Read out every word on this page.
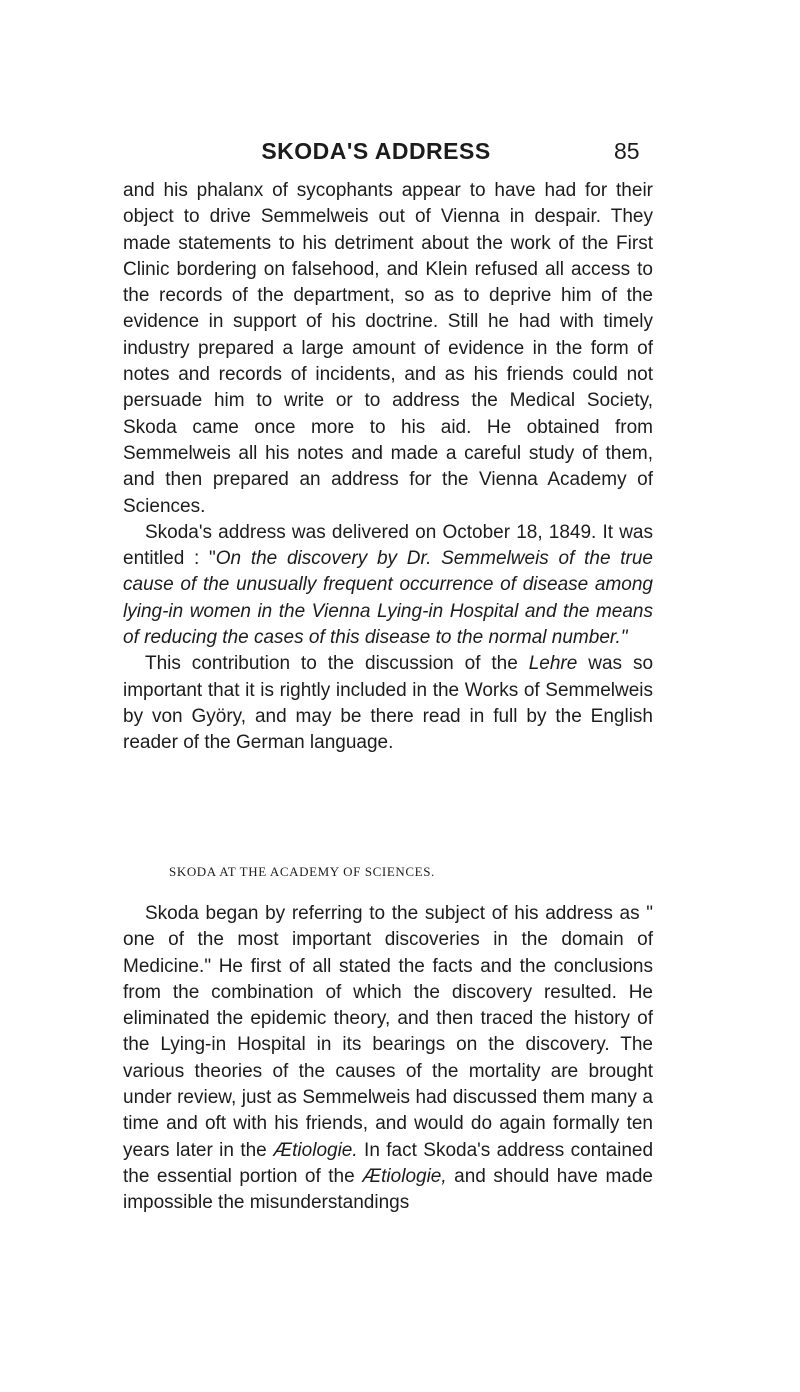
SKODA'S ADDRESS	85

and his phalanx of sycophants appear to have had for their object to drive Semmelweis out of Vienna in despair. They made statements to his detriment about the work of the First Clinic bordering on falsehood, and Klein refused all access to the records of the department, so as to deprive him of the evidence in support of his doctrine. Still he had with timely industry prepared a large amount of evidence in the form of notes and records of incidents, and as his friends could not persuade him to write or to address the Medical Society, Skoda came once more to his aid. He obtained from Semmelweis all his notes and made a careful study of them, and then prepared an address for the Vienna Academy of Sciences.

Skoda's address was delivered on October 18, 1849. It was entitled : "On the discovery by Dr. Semmelweis of the true cause of the unusually frequent occurrence of disease among lying-in women in the Vienna Lying-in Hospital and the means of reducing the cases of this disease to the normal number."

This contribution to the discussion of the Lehre was so important that it is rightly included in the Works of Semmelweis by von Györy, and may be there read in full by the English reader of the German language.

SKODA AT THE ACADEMY OF SCIENCES.

Skoda began by referring to the subject of his address as " one of the most important discoveries in the domain of Medicine." He first of all stated the facts and the conclusions from the combination of which the discovery resulted. He eliminated the epidemic theory, and then traced the history of the Lying-in Hospital in its bearings on the discovery. The various theories of the causes of the mortality are brought under review, just as Semmelweis had discussed them many a time and oft with his friends, and would do again formally ten years later in the Ætiologie. In fact Skoda's address contained the essential portion of the Ætiologie, and should have made impossible the misunderstandings
